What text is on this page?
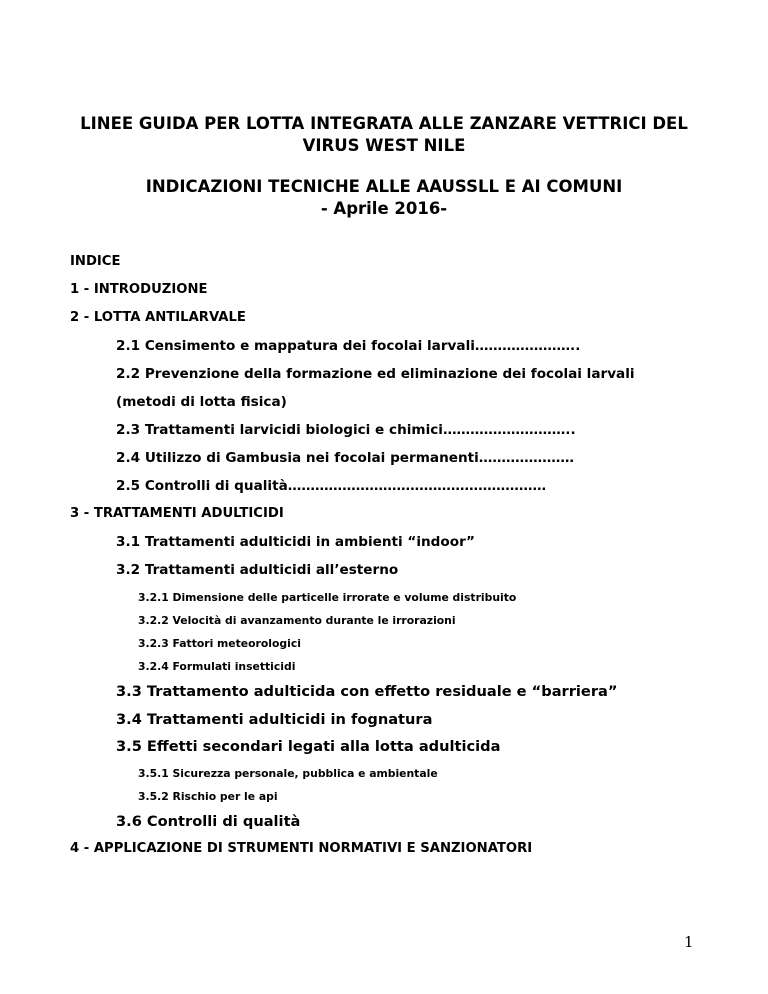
LINEE GUIDA PER LOTTA INTEGRATA ALLE ZANZARE VETTRICI DEL
VIRUS WEST NILE
INDICAZIONI TECNICHE ALLE AAUSSLL E AI COMUNI
- Aprile 2016-
INDICE
1 - INTRODUZIONE
2 - LOTTA ANTILARVALE
2.1 Censimento e mappatura dei focolai larvali…………………..
2.2 Prevenzione della formazione ed eliminazione dei focolai larvali
(metodi di lotta fisica)
2.3 Trattamenti larvicidi biologici e chimici………………………..
2.4 Utilizzo di Gambusia nei focolai permanenti…………………
2.5 Controlli di qualità…………………………………………………
3 - TRATTAMENTI ADULTICIDI
3.1 Trattamenti adulticidi in ambienti “indoor”
3.2 Trattamenti adulticidi all’esterno
3.2.1 Dimensione delle particelle irrorate e volume distribuito
3.2.2 Velocità di avanzamento durante le irrorazioni
3.2.3 Fattori meteorologici
3.2.4 Formulati insetticidi
3.3 Trattamento adulticida con effetto residuale e “barriera”
3.4 Trattamenti adulticidi in fognatura
3.5 Effetti secondari legati alla lotta adulticida
3.5.1 Sicurezza personale, pubblica e ambientale
3.5.2 Rischio per le api
3.6 Controlli di qualità
4 - APPLICAZIONE DI STRUMENTI NORMATIVI E SANZIONATORI
1
